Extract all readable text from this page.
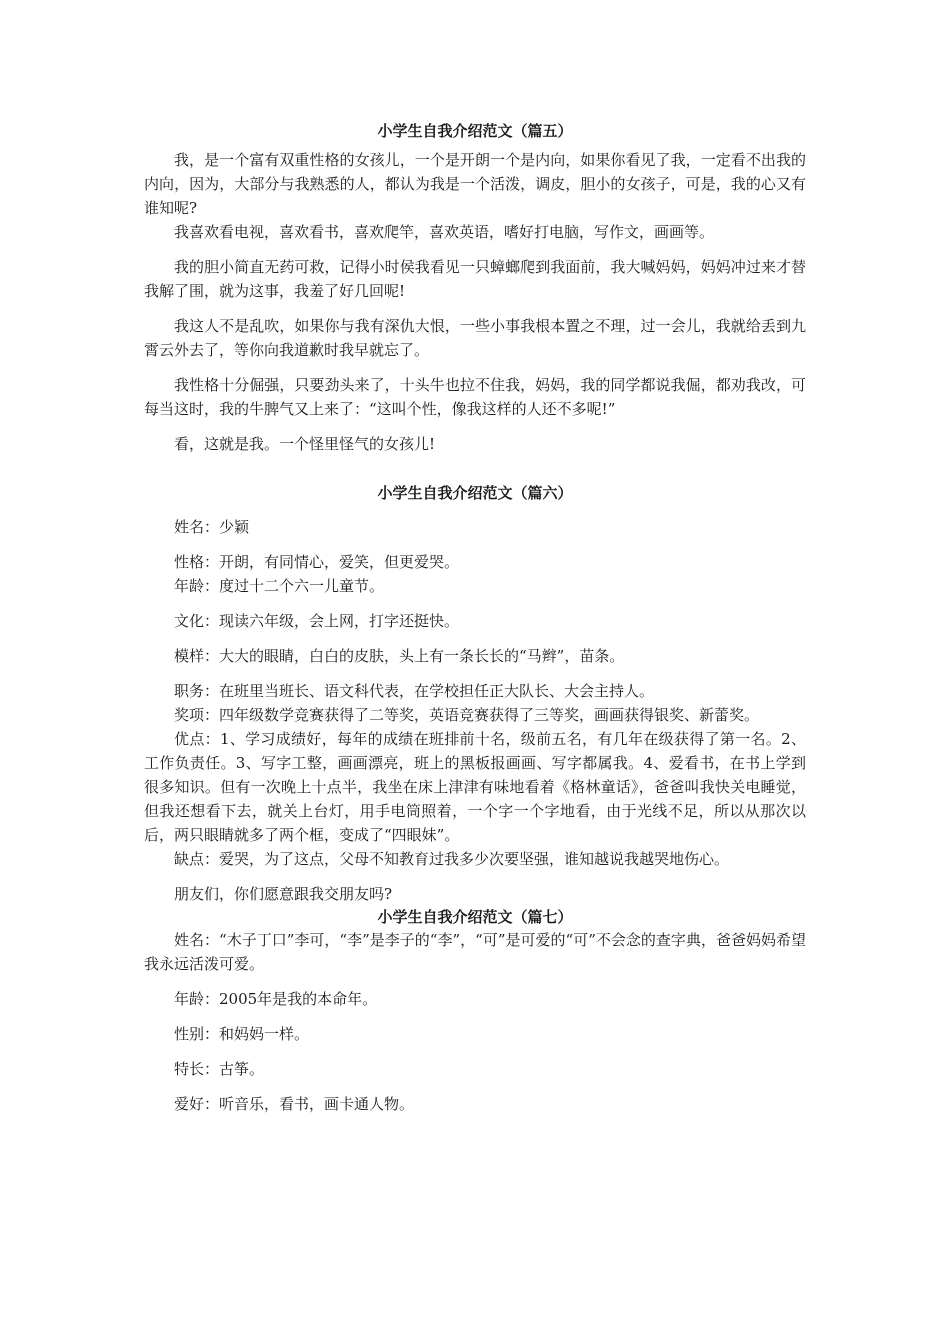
小学生自我介绍范文（篇五）

我，是一个富有双重性格的女孩儿，一个是开朗一个是内向，如果你看见了我，一定看不出我的内向，因为，大部分与我熟悉的人，都认为我是一个活泼，调皮，胆小的女孩子，可是，我的心又有谁知呢?

我喜欢看电视，喜欢看书，喜欢爬竿，喜欢英语，嗜好打电脑，写作文，画画等。

我的胆小简直无药可救，记得小时侯我看见一只蟑螂爬到我面前，我大喊妈妈，妈妈冲过来才替我解了围，就为这事，我羞了好几回呢!

我这人不是乱吹，如果你与我有深仇大恨，一些小事我根本置之不理，过一会儿，我就给丢到九霄云外去了，等你向我道歉时我早就忘了。

我性格十分倔强，只要劲头来了，十头牛也拉不住我，妈妈，我的同学都说我倔，都劝我改，可每当这时，我的牛脾气又上来了：“这叫个性，像我这样的人还不多呢!”

看，这就是我。一个怪里怪气的女孩儿!

小学生自我介绍范文（篇六）

姓名：少颖

性格：开朗，有同情心，爱笑，但更爱哭。

年龄：度过十二个六一儿童节。

文化：现读六年级，会上网，打字还挺快。

模样：大大的眼睛，白白的皮肤，头上有一条长长的“马辫”，苗条。

职务：在班里当班长、语文科代表，在学校担任正大队长、大会主持人。

奖项：四年级数学竞赛获得了二等奖，英语竞赛获得了三等奖，画画获得银奖、新蕾奖。

优点：1、学习成绩好，每年的成绩在班排前十名，级前五名，有几年在级获得了第一名。2、工作负责任。3、写字工整，画画漂亮，班上的黑板报画画、写字都属我。4、爱看书，在书上学到很多知识。但有一次晚上十点半，我坐在床上津津有味地看着《格林童话》，爸爸叫我快关电睡觉，但我还想看下去，就关上台灯，用手电筒照着，一个字一个字地看，由于光线不足，所以从那次以后，两只眼睛就多了两个框，变成了“四眼妹”。

缺点：爱哭，为了这点，父母不知教育过我多少次要坚强，谁知越说我越哭地伤心。

朋友们，你们愿意跟我交朋友吗?

小学生自我介绍范文（篇七）

姓名：“木子丁口”李可，“李”是李子的“李”，“可”是可爱的“可”不会念的查字典，爸爸妈妈希望我永远活泼可爱。

年龄：2005年是我的本命年。

性别：和妈妈一样。

特长：古筝。

爱好：听音乐，看书，画卡通人物。
